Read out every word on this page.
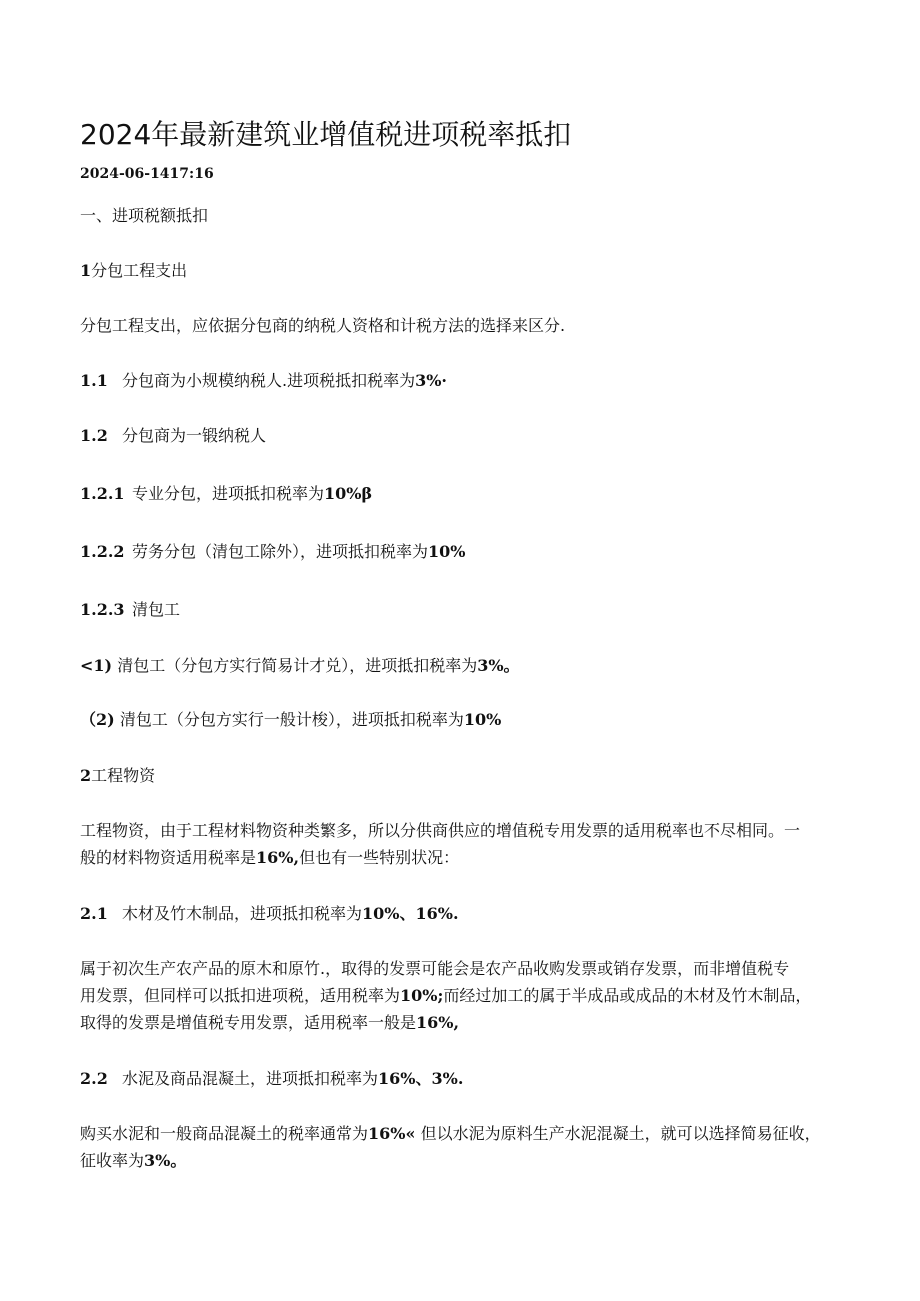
2024年最新建筑业增值税进项税率抵扣
2024-06-1417:16
一、进项税额抵扣
1分包工程支出
分包工程支出，应依据分包商的纳税人资格和计税方法的选择来区分.
1.1 分包商为小规模纳税人.进项税抵扣税率为3%·
1.2 分包商为一锻纳税人
1.2.1 专业分包，进项抵扣税率为10%β
1.2.2 劳务分包（清包工除外），进项抵扣税率为10%
1.2.3 清包工
<1) 清包工（分包方实行简易计才兑），进项抵扣税率为3%。
（2) 清包工（分包方实行一般计梭），进项抵扣税率为10%
2工程物资
工程物资，由于工程材料物资种类繁多，所以分供商供应的增值税专用发票的适用税率也不尽相同。一
般的材料物资适用税率是16%,但也有一些特别状况：
2.1 木材及竹木制品，进项抵扣税率为10%、16%.
属于初次生产农产品的原木和原竹.，取得的发票可能会是农产品收购发票或销存发票，而非增值税专
用发票，但同样可以抵扣进项税，适用税率为10%;而经过加工的属于半成品或成品的木材及竹木制品，
取得的发票是增值税专用发票，适用税率一般是16%,
2.2 水泥及商品混凝土，进项抵扣税率为16%、3%.
购买水泥和一般商品混凝土的税率通常为16%« 但以水泥为原料生产水泥混凝土，就可以选择简易征收，
征收率为3%。
